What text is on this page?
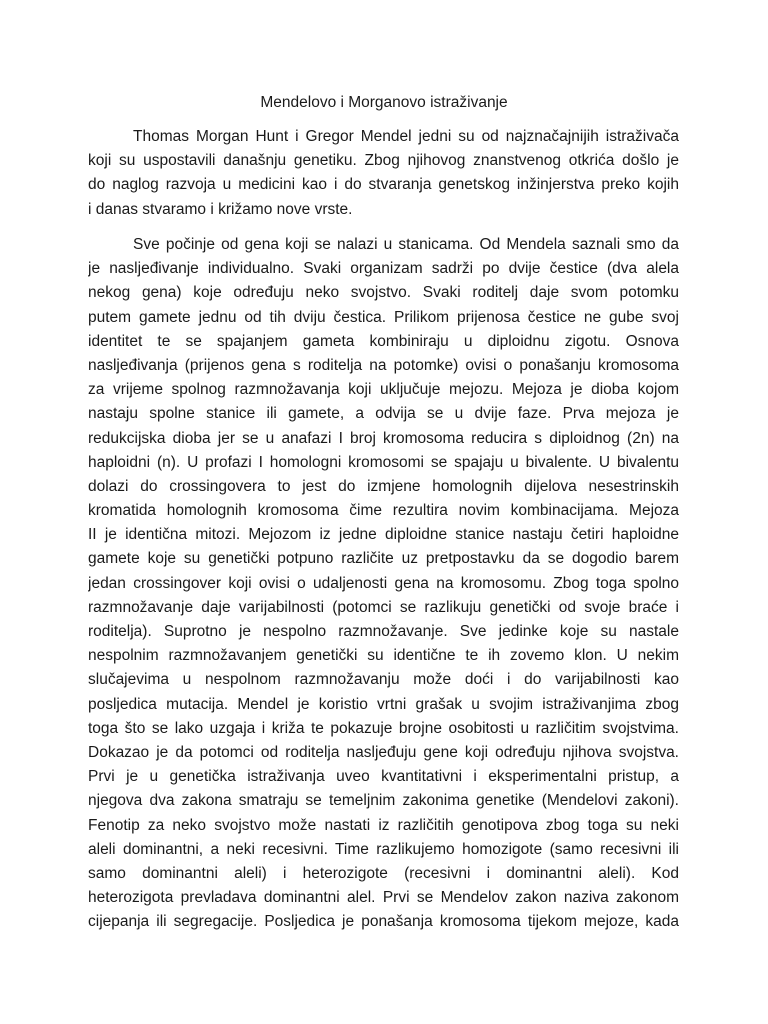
Mendelovo i Morganovo istraživanje
Thomas Morgan Hunt i Gregor Mendel jedni su od najznačajnijih istraživača
koji su uspostavili današnju genetiku. Zbog njihovog znanstvenog otkrića došlo je
do naglog razvoja u medicini kao i do stvaranja genetskog inžinjerstva preko kojih
i danas stvaramo i križamo nove vrste.
Sve počinje od gena koji se nalazi u stanicama. Od Mendela saznali smo da
je nasljeđivanje individualno. Svaki organizam sadrži po dvije čestice (dva alela
nekog gena) koje određuju neko svojstvo. Svaki roditelj daje svom potomku
putem gamete jednu od tih dviju čestica. Prilikom prijenosa čestice ne gube svoj
identitet te se spajanjem gameta kombiniraju u diploidnu zigotu. Osnova
nasljeđivanja (prijenos gena s roditelja na potomke) ovisi o ponašanju kromosoma
za vrijeme spolnog razmnožavanja koji uključuje mejozu. Mejoza je dioba kojom
nastaju spolne stanice ili gamete, a odvija se u dvije faze. Prva mejoza je
redukcijska dioba jer se u anafazi I broj kromosoma reducira s diploidnog (2n) na
haploidni (n). U profazi I homologni kromosomi se spajaju u bivalente. U bivalentu
dolazi do crossingovera to jest do izmjene homolognih dijelova nesestrinskih
kromatida homolognih kromosoma čime rezultira novim kombinacijama. Mejoza
II je identična mitozi. Mejozom iz jedne diploidne stanice nastaju četiri haploidne
gamete koje su genetički potpuno različite uz pretpostavku da se dogodio barem
jedan crossingover koji ovisi o udaljenosti gena na kromosomu. Zbog toga spolno
razmnožavanje daje varijabilnosti (potomci se razlikuju genetički od svoje braće i
roditelja). Suprotno je nespolno razmnožavanje. Sve jedinke koje su nastale
nespolnim razmnožavanjem genetički su identične te ih zovemo klon. U nekim
slučajevima u nespolnom razmnožavanju može doći i do varijabilnosti kao
posljedica mutacija. Mendel je koristio vrtni grašak u svojim istraživanjima zbog
toga što se lako uzgaja i križa te pokazuje brojne osobitosti u različitim svojstvima.
Dokazao je da potomci od roditelja nasljeđuju gene koji određuju njihova svojstva.
Prvi je u genetička istraživanja uveo kvantitativni i eksperimentalni pristup, a
njegova dva zakona smatraju se temeljnim zakonima genetike (Mendelovi zakoni).
Fenotip za neko svojstvo može nastati iz različitih genotipova zbog toga su neki
aleli dominantni, a neki recesivni. Time razlikujemo homozigote (samo recesivni ili
samo dominantni aleli) i heterozigote (recesivni i dominantni aleli). Kod
heterozigota prevladava dominantni alel. Prvi se Mendelov zakon naziva zakonom
cijepanja ili segregacije. Posljedica je ponašanja kromosoma tijekom mejoze, kada
